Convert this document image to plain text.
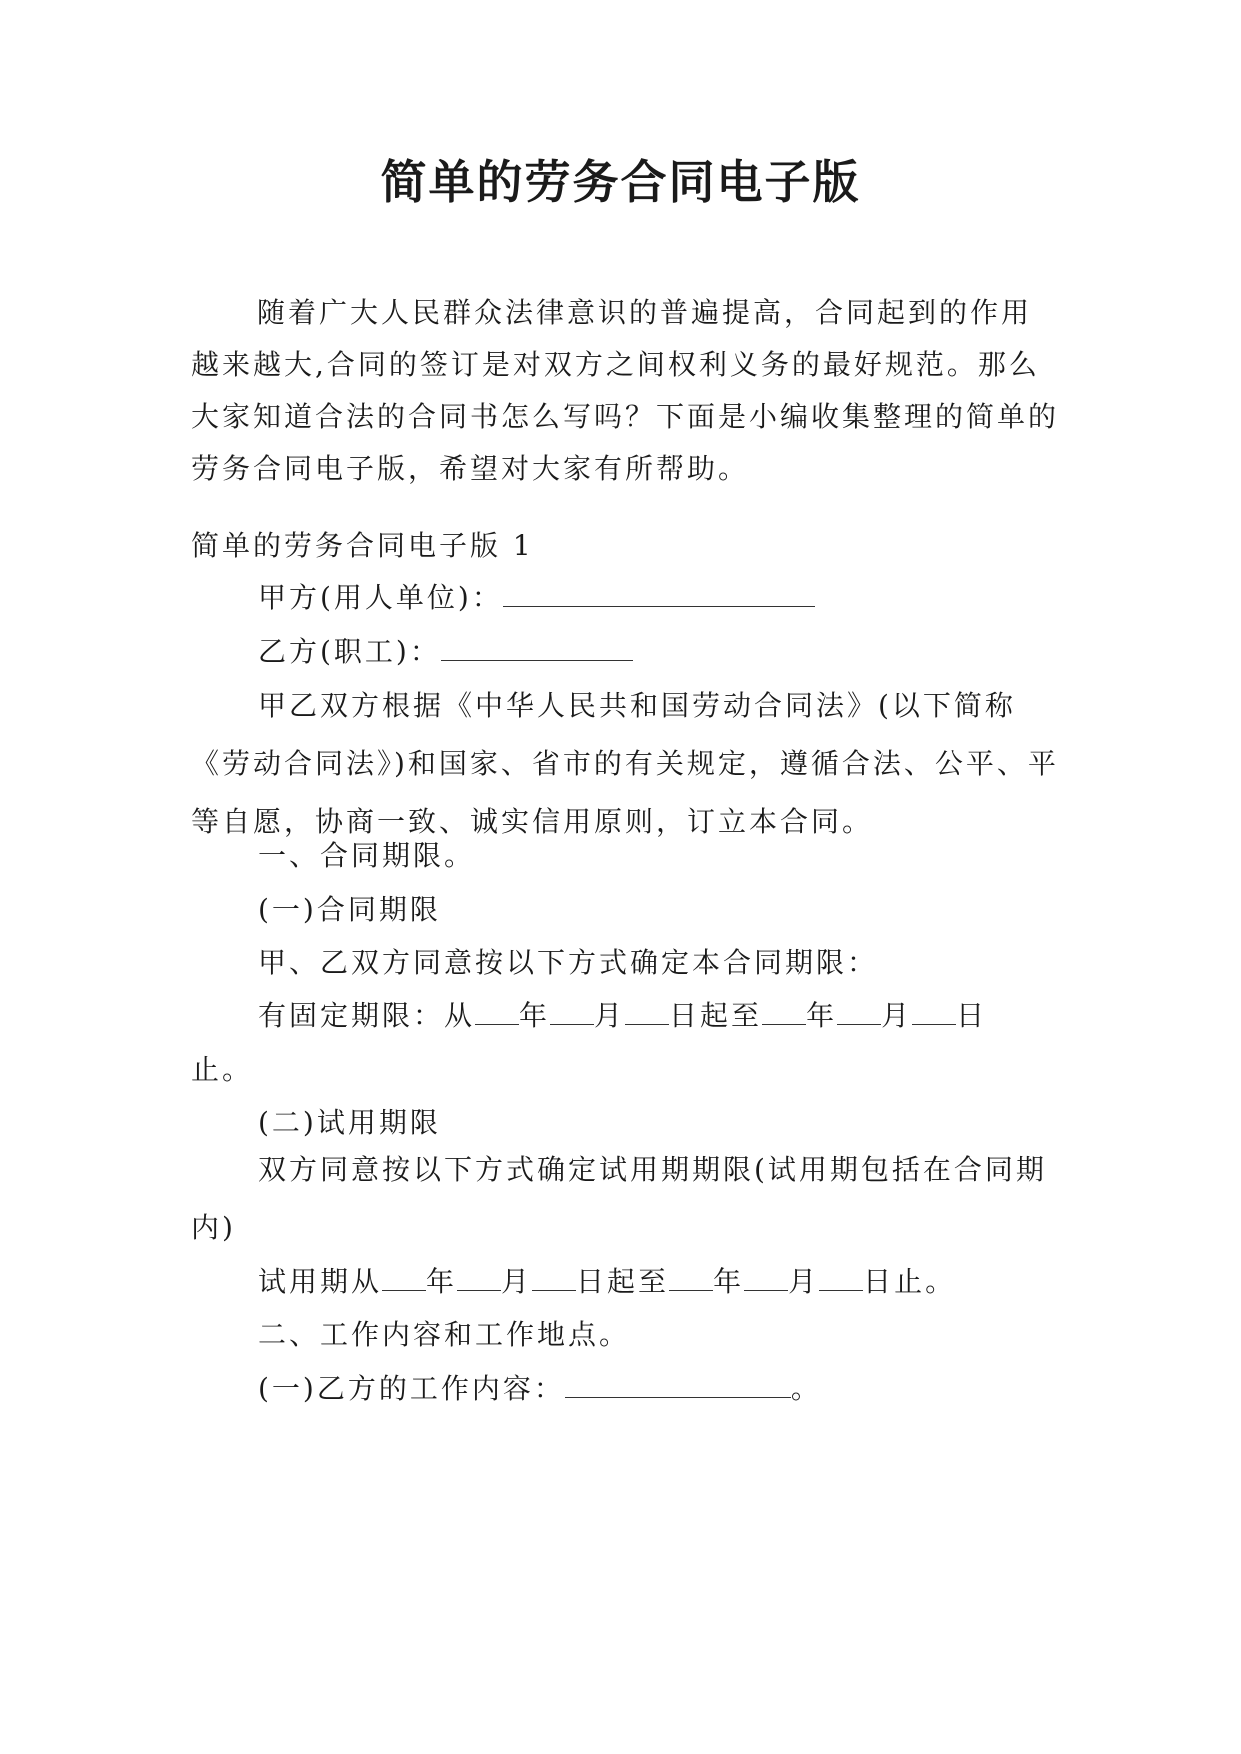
简单的劳务合同电子版

随着广大人民群众法律意识的普遍提高，合同起到的作用越来越大,合同的签订是对双方之间权利义务的最好规范。那么大家知道合法的合同书怎么写吗？下面是小编收集整理的简单的劳务合同电子版，希望对大家有所帮助。

简单的劳务合同电子版 1
甲方(用人单位)：
乙方(职工)：

甲乙双方根据《中华人民共和国劳动合同法》(以下简称《劳动合同法》)和国家、省市的有关规定，遵循合法、公平、平等自愿，协商一致、诚实信用原则，订立本合同。

一、合同期限。
(一)合同期限
甲、乙双方同意按以下方式确定本合同期限：
有固定期限：从 年 月 日起至 年 月 日
止。
(二)试用期限

双方同意按以下方式确定试用期期限(试用期包括在合同期内)

试用期从 年 月 日起至 年 月 日止。
二、工作内容和工作地点。
(一)乙方的工作内容：	。
